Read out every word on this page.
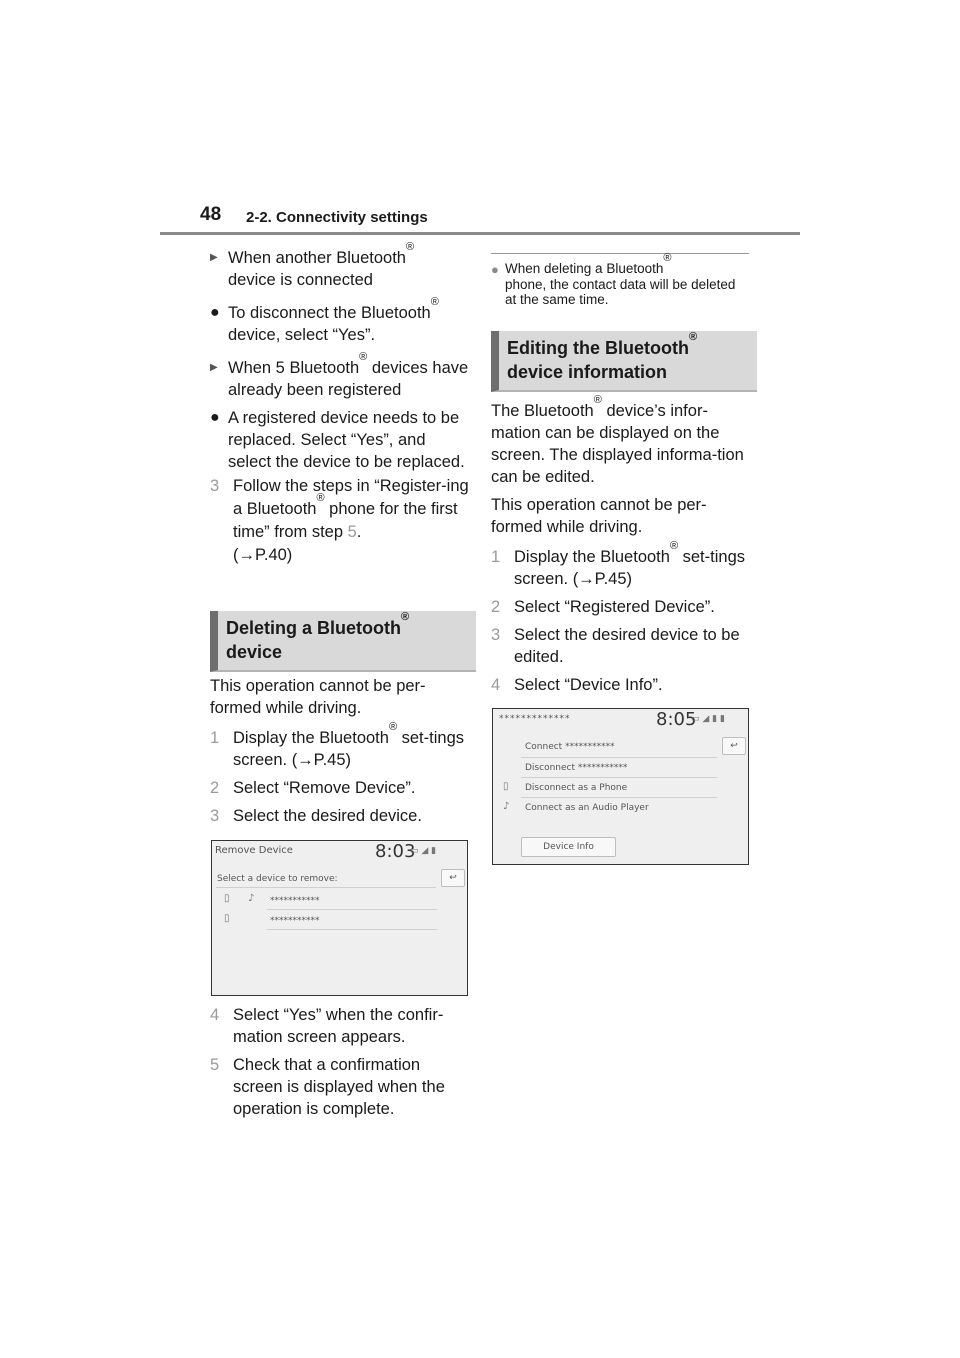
48 2-2. Connectivity settings

▶ When another Bluetooth®
device is connected

● To disconnect the Bluetooth®
device, select “Yes”.

▶ When 5 Bluetooth® devices have already been registered

● A registered device needs to be replaced. Select “Yes”, and select the device to be replaced.

3 Follow the steps in “Register-ing a Bluetooth® phone for the first time” from step 5.
(→P.40)

Deleting a Bluetooth®
device

This operation cannot be per-formed while driving.

1 Display the Bluetooth® set-tings screen. (→P.45)

2 Select “Remove Device”.

3 Select the desired device.

Remove Device	8:03
▭ ◢ ▮
Select a device to remove:	↩
▯ ♪ ***********
▯	***********

4 Select “Yes” when the confir-mation screen appears.

5 Check that a confirmation screen is displayed when the operation is complete.

● When deleting a Bluetooth®
phone, the contact data will be deleted at the same time.
Editing the Bluetooth®
device information

The Bluetooth® device’s infor-mation can be displayed on the screen. The displayed informa-tion can be edited.

This operation cannot be per-formed while driving.

1 Display the Bluetooth® set-tings screen. (→P.45)

2 Select “Registered Device”.

3 Select the desired device to be edited.

4 Select “Device Info”.

*************	8:05
▭ ◢ ▮ ▮
↩
Connect ***********
Disconnect ***********
▯ Disconnect as a Phone
♪ Connect as an Audio Player
Device Info
